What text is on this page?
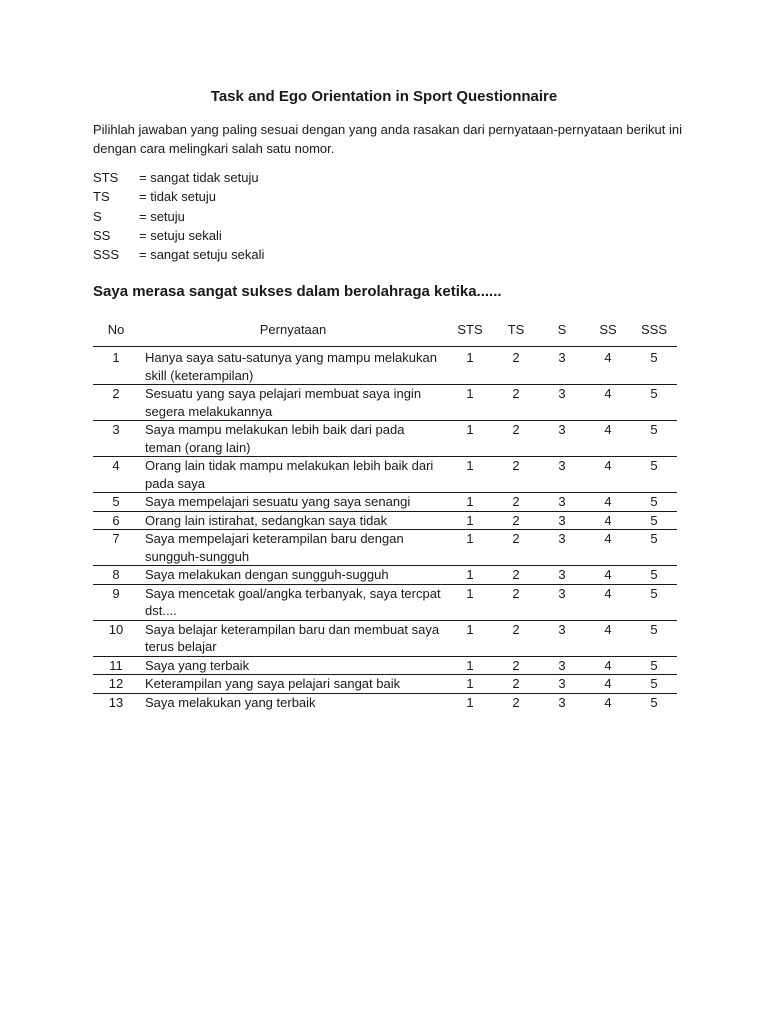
Task and Ego Orientation in Sport Questionnaire
Pilihlah jawaban yang paling sesuai dengan yang anda rasakan dari pernyataan-pernyataan berikut ini dengan cara melingkari salah satu nomor.
STS	= sangat tidak setuju
TS	= tidak setuju
S	= setuju
SS	= setuju sekali
SSS	= sangat setuju sekali
Saya merasa sangat sukses dalam berolahraga ketika......
No	Pernyataan	STS	TS	S	SS	SSS
1	Hanya saya satu-satunya yang mampu melakukan skill (keterampilan)	1	2	3	4	5
2	Sesuatu yang saya pelajari membuat saya ingin segera melakukannya	1	2	3	4	5
3	Saya mampu melakukan lebih baik dari pada teman (orang lain)	1	2	3	4	5
4	Orang lain tidak mampu melakukan lebih baik dari pada saya	1	2	3	4	5
5	Saya mempelajari sesuatu yang saya senangi	1	2	3	4	5
6	Orang lain istirahat, sedangkan saya tidak	1	2	3	4	5
7	Saya mempelajari keterampilan baru dengan sungguh-sungguh	1	2	3	4	5
8	Saya melakukan dengan sungguh-sugguh	1	2	3	4	5
9	Saya mencetak goal/angka terbanyak, saya tercpat dst....	1	2	3	4	5
10	Saya belajar keterampilan baru dan membuat saya terus belajar	1	2	3	4	5
11	Saya yang terbaik	1	2	3	4	5
12	Keterampilan yang saya pelajari sangat baik	1	2	3	4	5
13	Saya melakukan yang terbaik	1	2	3	4	5
